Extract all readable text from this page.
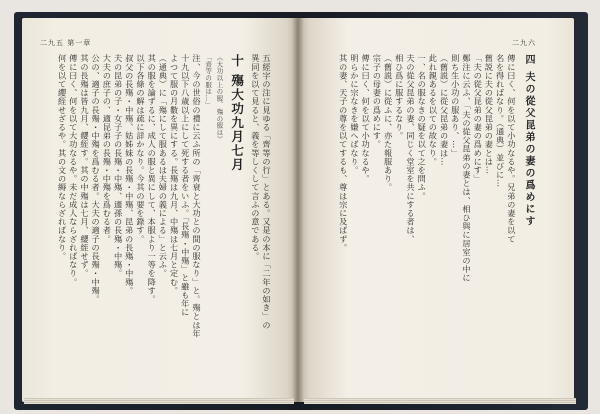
二九五 第一章	二九六
五經字の注に見ゆる「齊等の行」とある。又是の本に「二年の如き」の
異同を以て見ると、義を等しくして言ふの意である。
十 殤大功九月七月
《大功以上の服、殤の服は》
「齊等の服は…」
注、今の世俗の禮に云ふ所の「齊衰と大功との間の服なり」と。殤とは年
十九以下八歳以上にして死する者をいふ。「長殤・中殤」と雖も年に
よつて服の月數を異にする。長殤は九月、中殤は七月と定む。
（通典）に「殤にして服あるは夫婦の義による」と云ふ。
其の服を論ずるに、成人の服と異にして、本服より一等を降す。
以下各條の解は疏に詳かなり。今其の要を錄す。
叔父の長殤・中殤、姑姊妹の長殤・中殤、昆弟の長殤・中殤。
夫の昆弟の子・女子子の長殤・中殤、適孫の長殤・中殤。
大夫の庶子の、適昆弟の長殤・中殤を爲むる者。
公の、適子の長殤・中殤を爲むる者。大夫の適子の長殤・中殤。
其の長殤は皆九月、纓絰す。其の中殤は七月、纓絰せず。
傳に曰く、何を以て大功なるや。未だ成人ならざればなり。
何を以て纓絰せざるや。其の文の縟ならざればなり。	四 夫の從父昆弟の妻の爲めにす
傳に曰く、何を以て小功なるや。兄弟の妻を以て
名を得ればなり。（通典）並びに…
舊説に夫の從父昆弟の妻とは…
「夫の從父昆弟の妻の爲めにす」
鄭注に云ふ、「夫の從父昆弟の妻とは、相ひ與に居室の中に
則ち生小功の服あり、…」
（舊説）に從父昆弟の妻は…
此れ親あるを以ての故なり。
一、名の服なきの疑を以て之を問ふ。
夫の從父昆弟の妻、同じく堂室を共にする者は、
相ひ爲に服するなり。
（舊説）に從ふに、亦た報服あり。
宗子の母妻の爲めにす。
傳に曰く、何を以て小功なるや。
明らかに宗なきを嫌へばなり。
其の妻、天子の尊を以てするも、尊は宗に及ばず。
